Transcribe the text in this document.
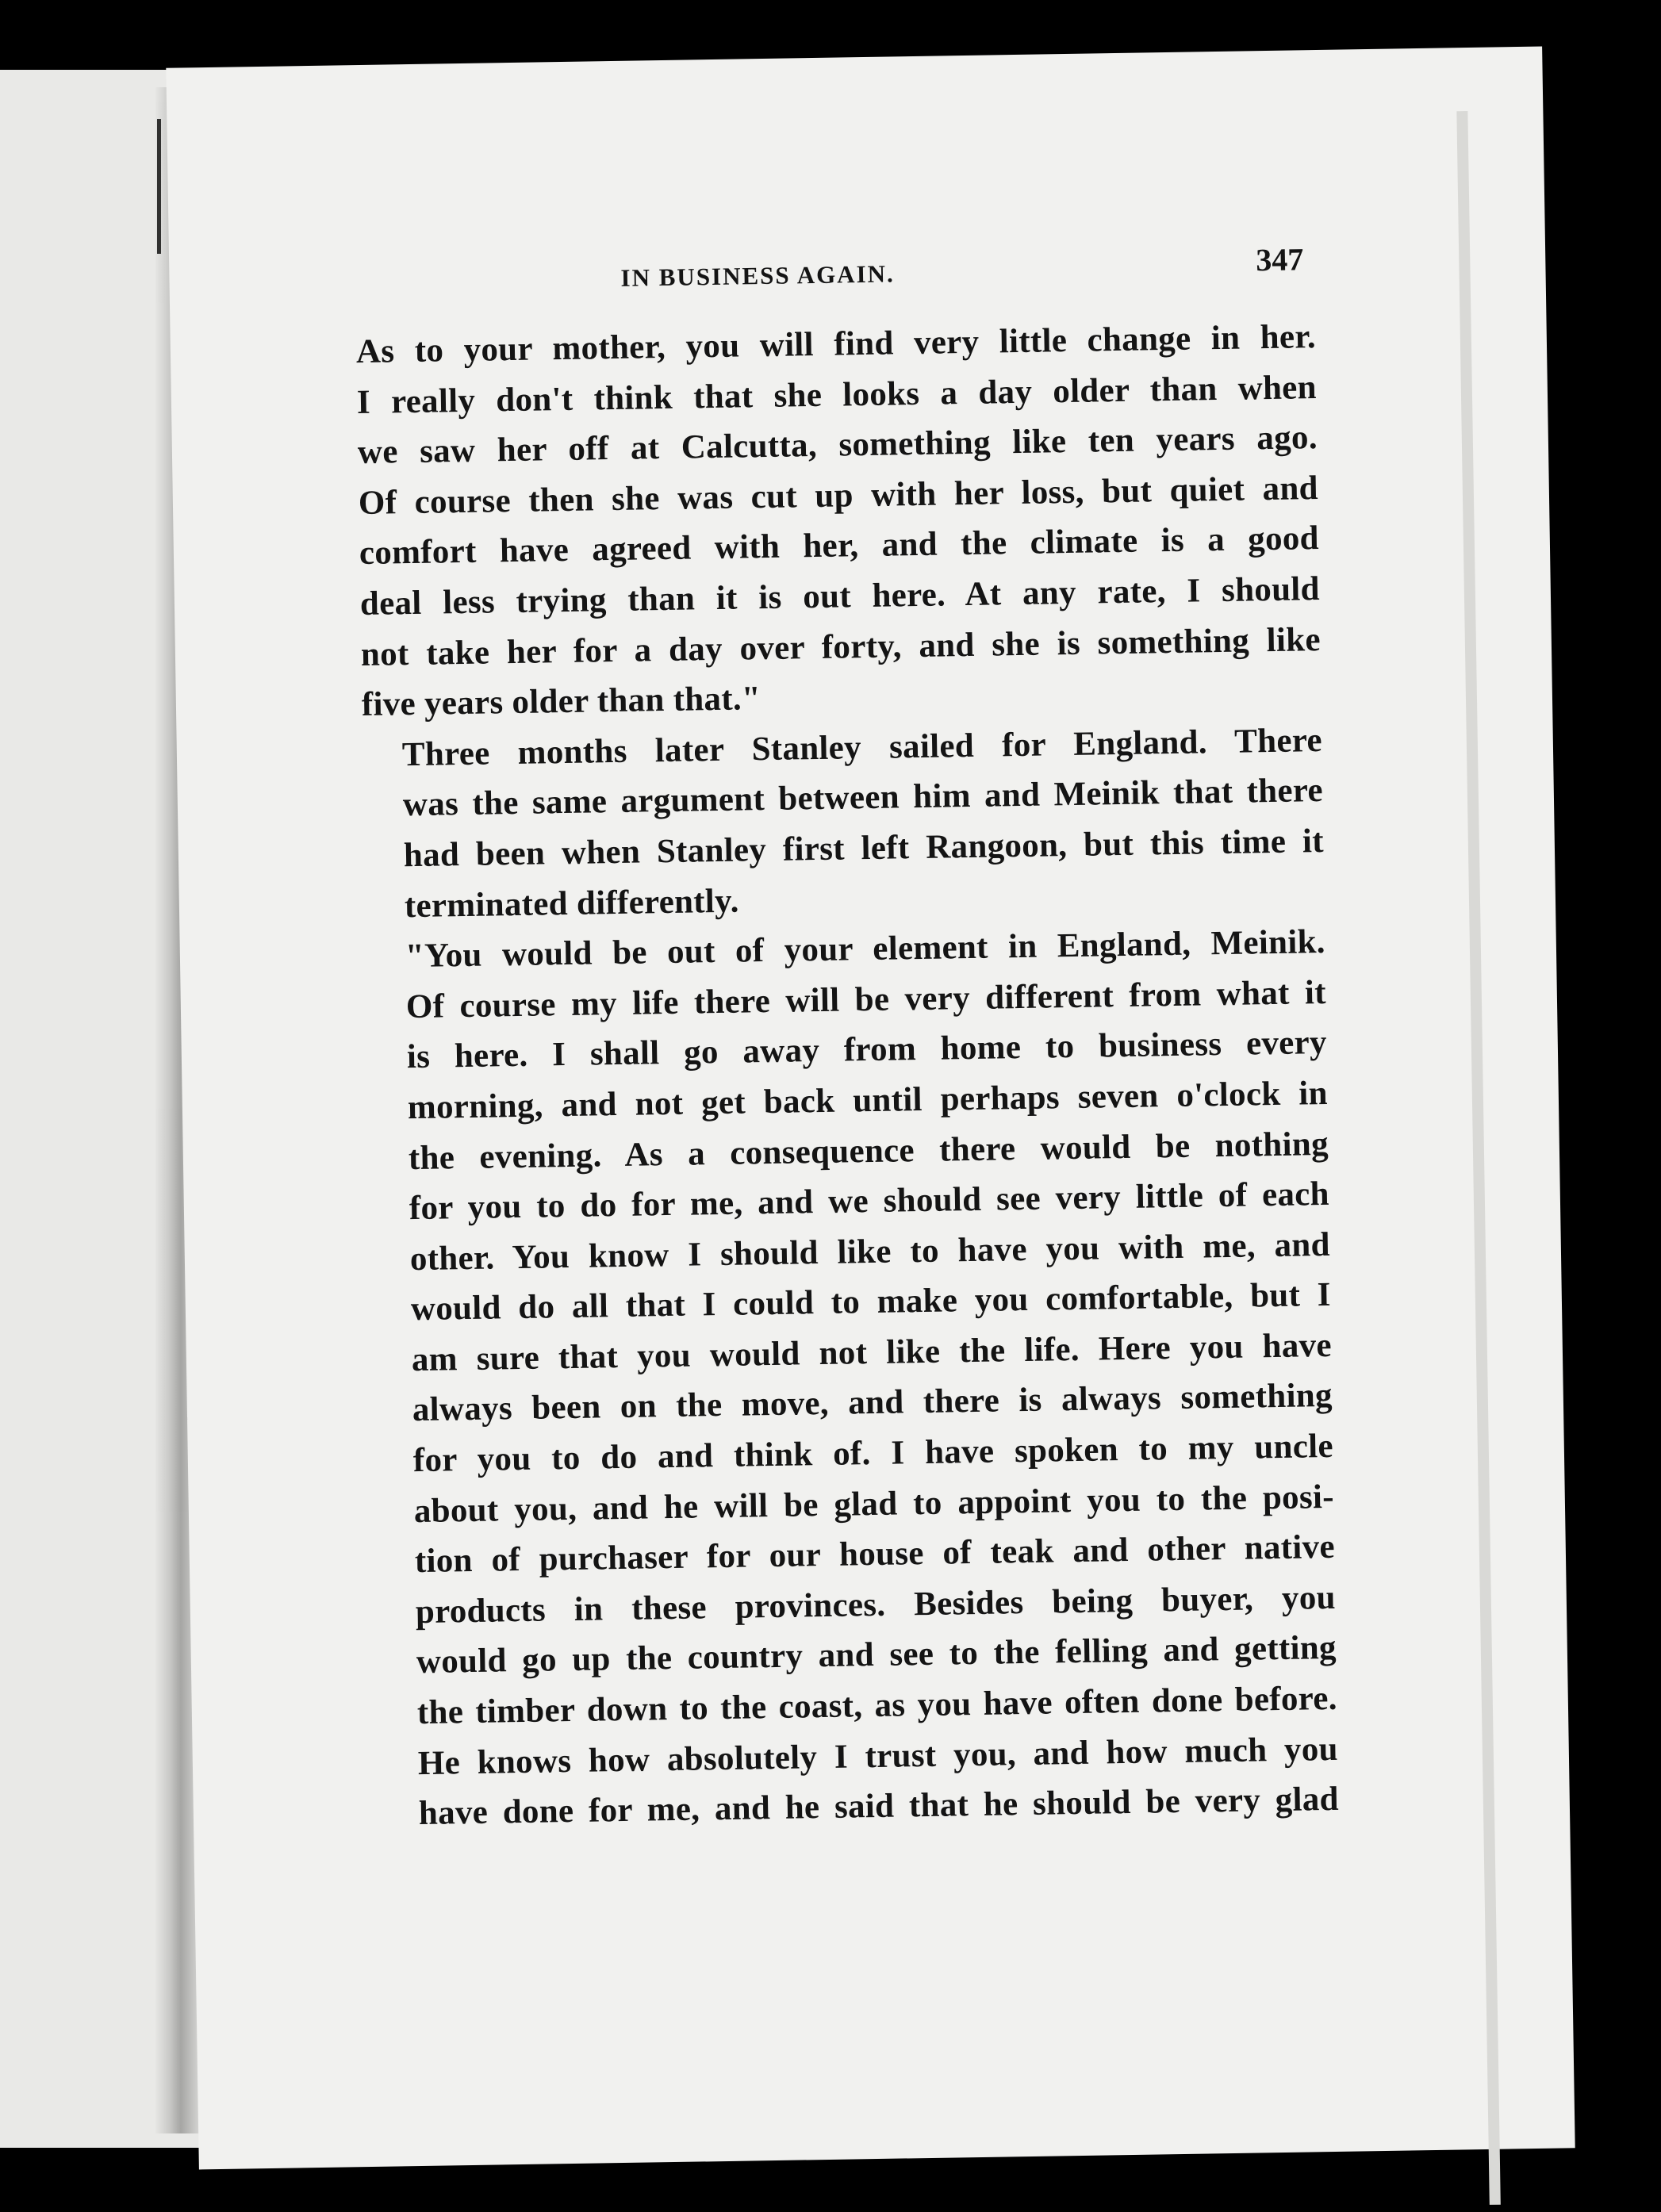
IN BUSINESS AGAIN.	347

As to your mother, you will find very little change in her.
I really don't think that she looks a day older than when
we saw her off at Calcutta, something like ten years ago.
Of course then she was cut up with her loss, but quiet and
comfort have agreed with her, and the climate is a good
deal less trying than it is out here. At any rate, I should
not take her for a day over forty, and she is something like
five years older than that."

Three months later Stanley sailed for England. There
was the same argument between him and Meinik that there
had been when Stanley first left Rangoon, but this time it
terminated differently.

"You would be out of your element in England, Meinik.
Of course my life there will be very different from what it
is here. I shall go away from home to business every
morning, and not get back until perhaps seven o'clock in
the evening. As a consequence there would be nothing
for you to do for me, and we should see very little of each
other. You know I should like to have you with me, and
would do all that I could to make you comfortable, but I
am sure that you would not like the life. Here you have
always been on the move, and there is always something
for you to do and think of. I have spoken to my uncle
about you, and he will be glad to appoint you to the posi-
tion of purchaser for our house of teak and other native
products in these provinces. Besides being buyer, you
would go up the country and see to the felling and getting
the timber down to the coast, as you have often done before.
He knows how absolutely I trust you, and how much you
have done for me, and he said that he should be very glad
